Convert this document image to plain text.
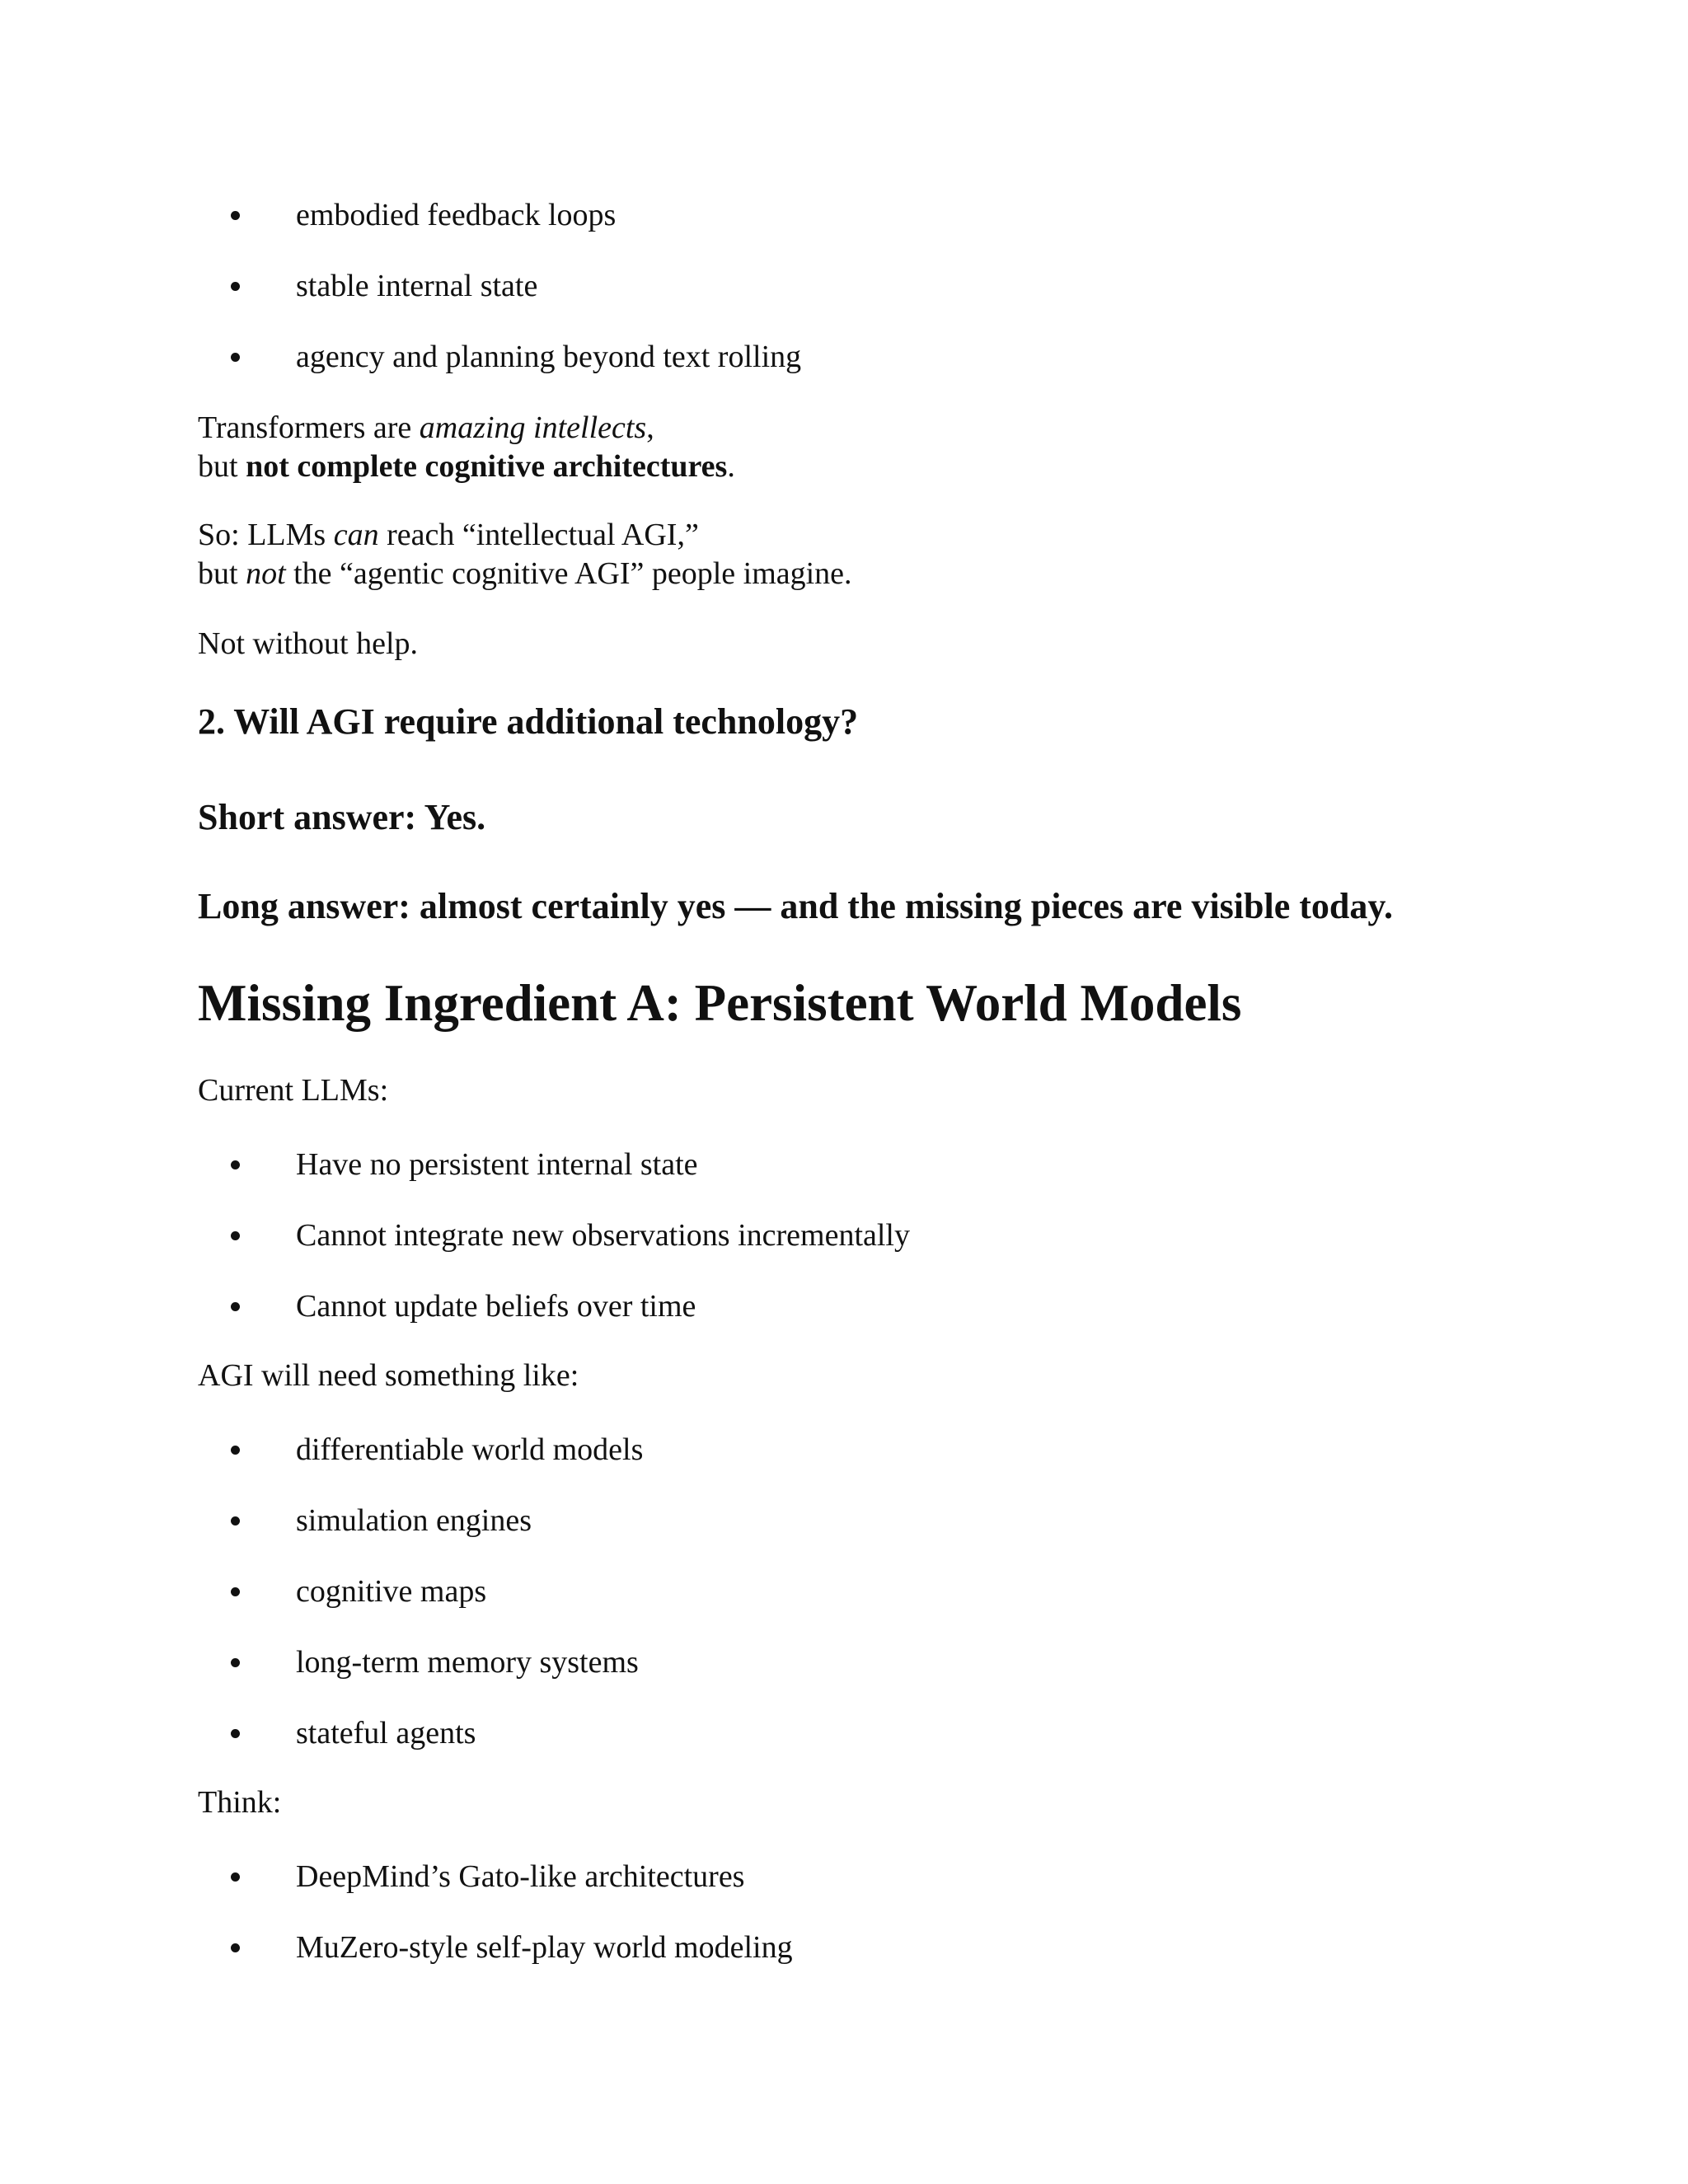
embodied feedback loops
stable internal state
agency and planning beyond text rolling
Transformers are amazing intellects,
but not complete cognitive architectures.
So: LLMs can reach “intellectual AGI,”
but not the “agentic cognitive AGI” people imagine.
Not without help.
2. Will AGI require additional technology?
Short answer: Yes.
Long answer: almost certainly yes — and the missing pieces are visible today.
Missing Ingredient A: Persistent World Models
Current LLMs:
Have no persistent internal state
Cannot integrate new observations incrementally
Cannot update beliefs over time
AGI will need something like:
differentiable world models
simulation engines
cognitive maps
long-term memory systems
stateful agents
Think:
DeepMind’s Gato-like architectures
MuZero-style self-play world modeling
